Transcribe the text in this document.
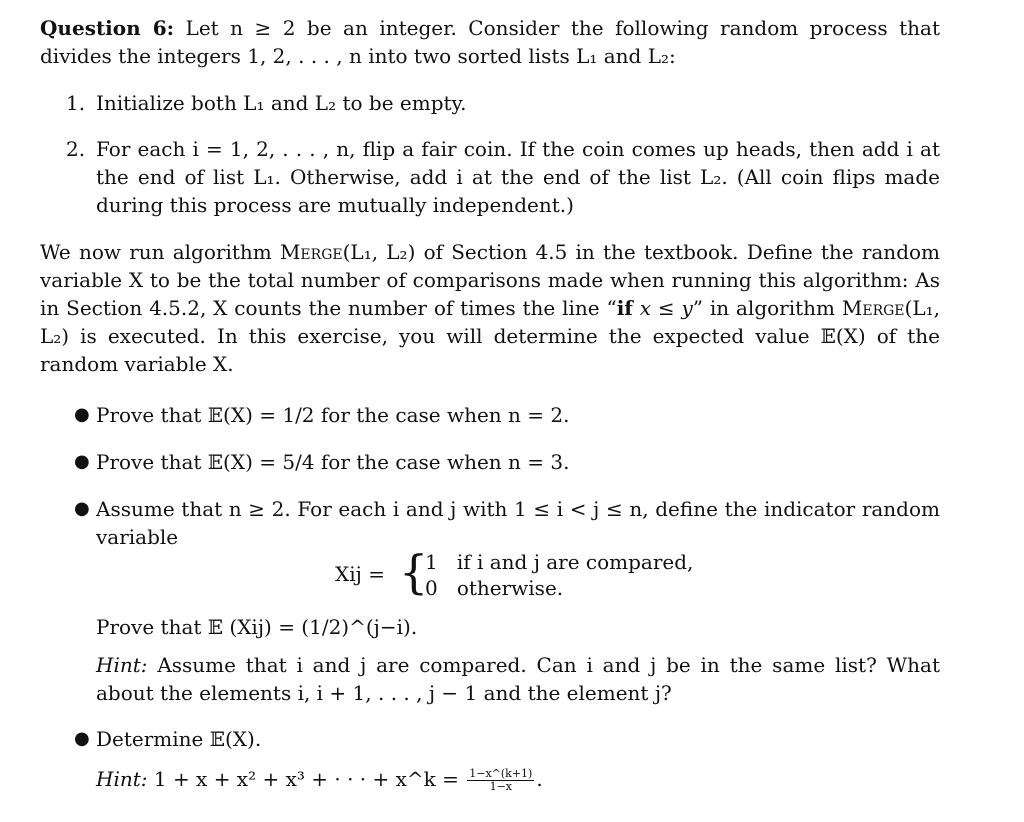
Question 6: Let n ≥ 2 be an integer. Consider the following random process that divides the integers 1, 2, . . . , n into two sorted lists L₁ and L₂:
1. Initialize both L₁ and L₂ to be empty.
2. For each i = 1, 2, . . . , n, flip a fair coin. If the coin comes up heads, then add i at the end of list L₁. Otherwise, add i at the end of the list L₂. (All coin flips made during this process are mutually independent.)
We now run algorithm Merge(L₁, L₂) of Section 4.5 in the textbook. Define the random variable X to be the total number of comparisons made when running this algorithm: As in Section 4.5.2, X counts the number of times the line “if x ≤ y” in algorithm Merge(L₁, L₂) is executed. In this exercise, you will determine the expected value 𝔼(X) of the random variable X.
● Prove that 𝔼(X) = 1/2 for the case when n = 2.
● Prove that 𝔼(X) = 5/4 for the case when n = 3.
● Assume that n ≥ 2. For each i and j with 1 ≤ i < j ≤ n, define the indicator random variable
Xij = {
1 if i and j are compared,
0 otherwise.
Prove that 𝔼 (Xij) = (1/2)^(j−i).
Hint: Assume that i and j are compared. Can i and j be in the same list? What about the elements i, i + 1, . . . , j − 1 and the element j?
● Determine 𝔼(X).
Hint: 1 + x + x² + x³ + · · · + x^k = $\frac{1-x\^{}(k+1)}{1-x}$ .
